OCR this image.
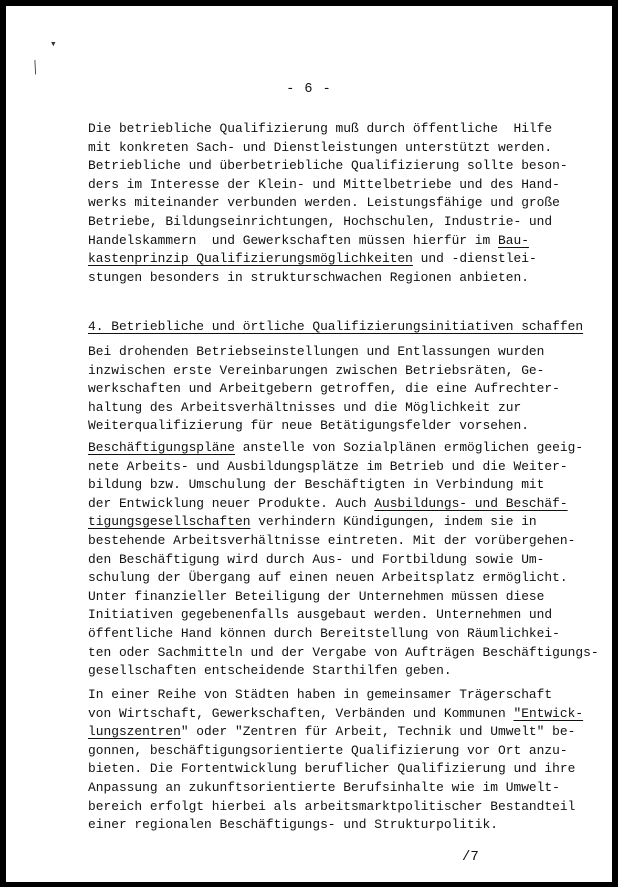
▾
╱
- 6 -
Die betriebliche Qualifizierung muß durch öffentliche  Hilfe
mit konkreten Sach- und Dienstleistungen unterstützt werden.
Betriebliche und überbetriebliche Qualifizierung sollte beson-
ders im Interesse der Klein- und Mittelbetriebe und des Hand-
werks miteinander verbunden werden. Leistungsfähige und große
Betriebe, Bildungseinrichtungen, Hochschulen, Industrie- und
Handelskammern  und Gewerkschaften müssen hierfür im Bau-
kastenprinzip Qualifizierungsmöglichkeiten und -dienstlei-
stungen besonders in strukturschwachen Regionen anbieten.
4. Betriebliche und örtliche Qualifizierungsinitiativen schaffen
Bei drohenden Betriebseinstellungen und Entlassungen wurden
inzwischen erste Vereinbarungen zwischen Betriebsräten, Ge-
werkschaften und Arbeitgebern getroffen, die eine Aufrechter-
haltung des Arbeitsverhältnisses und die Möglichkeit zur
Weiterqualifizierung für neue Betätigungsfelder vorsehen.
Beschäftigungspläne anstelle von Sozialplänen ermöglichen geeig-
nete Arbeits- und Ausbildungsplätze im Betrieb und die Weiter-
bildung bzw. Umschulung der Beschäftigten in Verbindung mit
der Entwicklung neuer Produkte. Auch Ausbildungs- und Beschäf-
tigungsgesellschaften verhindern Kündigungen, indem sie in
bestehende Arbeitsverhältnisse eintreten. Mit der vorübergehen-
den Beschäftigung wird durch Aus- und Fortbildung sowie Um-
schulung der Übergang auf einen neuen Arbeitsplatz ermöglicht.
Unter finanzieller Beteiligung der Unternehmen müssen diese
Initiativen gegebenenfalls ausgebaut werden. Unternehmen und
öffentliche Hand können durch Bereitstellung von Räumlichkei-
ten oder Sachmitteln und der Vergabe von Aufträgen Beschäftigungs-
gesellschaften entscheidende Starthilfen geben.
In einer Reihe von Städten haben in gemeinsamer Trägerschaft
von Wirtschaft, Gewerkschaften, Verbänden und Kommunen "Entwick-
lungszentren" oder "Zentren für Arbeit, Technik und Umwelt" be-
gonnen, beschäftigungsorientierte Qualifizierung vor Ort anzu-
bieten. Die Fortentwicklung beruflicher Qualifizierung und ihre
Anpassung an zukunftsorientierte Berufsinhalte wie im Umwelt-
bereich erfolgt hierbei als arbeitsmarktpolitischer Bestandteil
einer regionalen Beschäftigungs- und Strukturpolitik.
/7
